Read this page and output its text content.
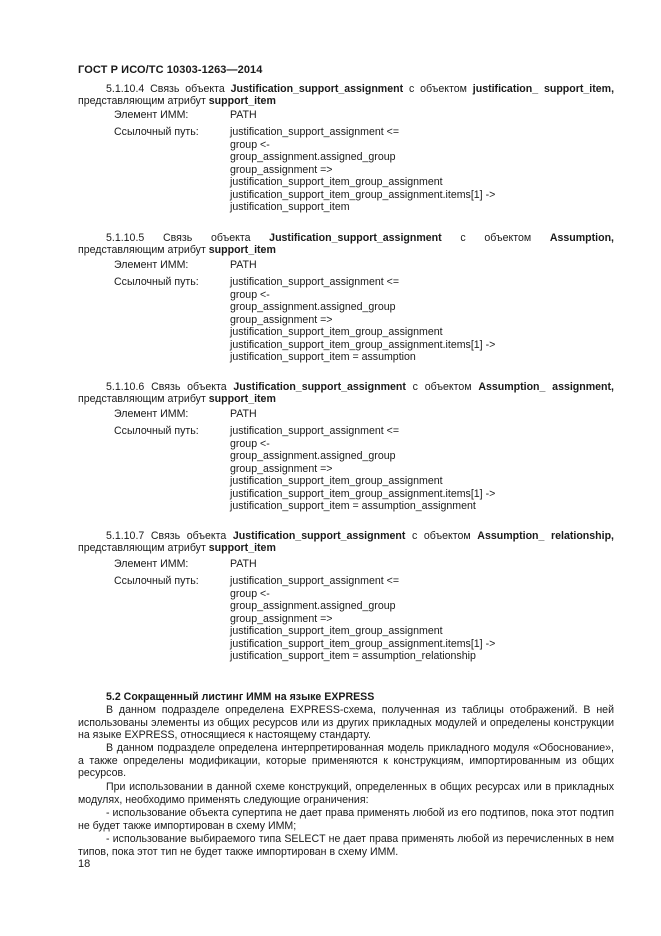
ГОСТ Р ИСО/ТС 10303-1263—2014
5.1.10.4 Связь объекта Justification_support_assignment с объектом justification_ support_item,
представляющим атрибут support_item
Элемент ИММ:	PATH
Ссылочный путь:	justification_support_assignment <=
group <-
group_assignment.assigned_group
group_assignment =>
justification_support_item_group_assignment
justification_support_item_group_assignment.items[1] ->
justification_support_item
5.1.10.5 Связь объекта Justification_support_assignment с объектом Assumption,
представляющим атрибут support_item
Элемент ИММ:	PATH
Ссылочный путь:	justification_support_assignment <=
group <-
group_assignment.assigned_group
group_assignment =>
justification_support_item_group_assignment
justification_support_item_group_assignment.items[1] ->
justification_support_item = assumption
5.1.10.6 Связь объекта Justification_support_assignment с объектом Assumption_ assignment,
представляющим атрибут support_item
Элемент ИММ:	PATH
Ссылочный путь:	justification_support_assignment <=
group <-
group_assignment.assigned_group
group_assignment =>
justification_support_item_group_assignment
justification_support_item_group_assignment.items[1] ->
justification_support_item = assumption_assignment
5.1.10.7 Связь объекта Justification_support_assignment с объектом Assumption_ relationship,
представляющим атрибут support_item
Элемент ИММ:	PATH
Ссылочный путь:	justification_support_assignment <=
group <-
group_assignment.assigned_group
group_assignment =>
justification_support_item_group_assignment
justification_support_item_group_assignment.items[1] ->
justification_support_item = assumption_relationship
5.2 Сокращенный листинг ИММ на языке EXPRESS
В данном подразделе определена EXPRESS-схема, полученная из таблицы отображений. В ней использованы элементы из общих ресурсов или из других прикладных модулей и определены конструкции на языке EXPRESS, относящиеся к настоящему стандарту.
В данном подразделе определена интерпретированная модель прикладного модуля «Обоснование», а также определены модификации, которые применяются к конструкциям, импортированным из общих ресурсов.
При использовании в данной схеме конструкций, определенных в общих ресурсах или в прикладных модулях, необходимо применять следующие ограничения:
- использование объекта супертипа не дает права применять любой из его подтипов, пока этот подтип не будет также импортирован в схему ИММ;
- использование выбираемого типа SELECT не дает права применять любой из перечисленных в нем типов, пока этот тип не будет также импортирован в схему ИММ.
18
